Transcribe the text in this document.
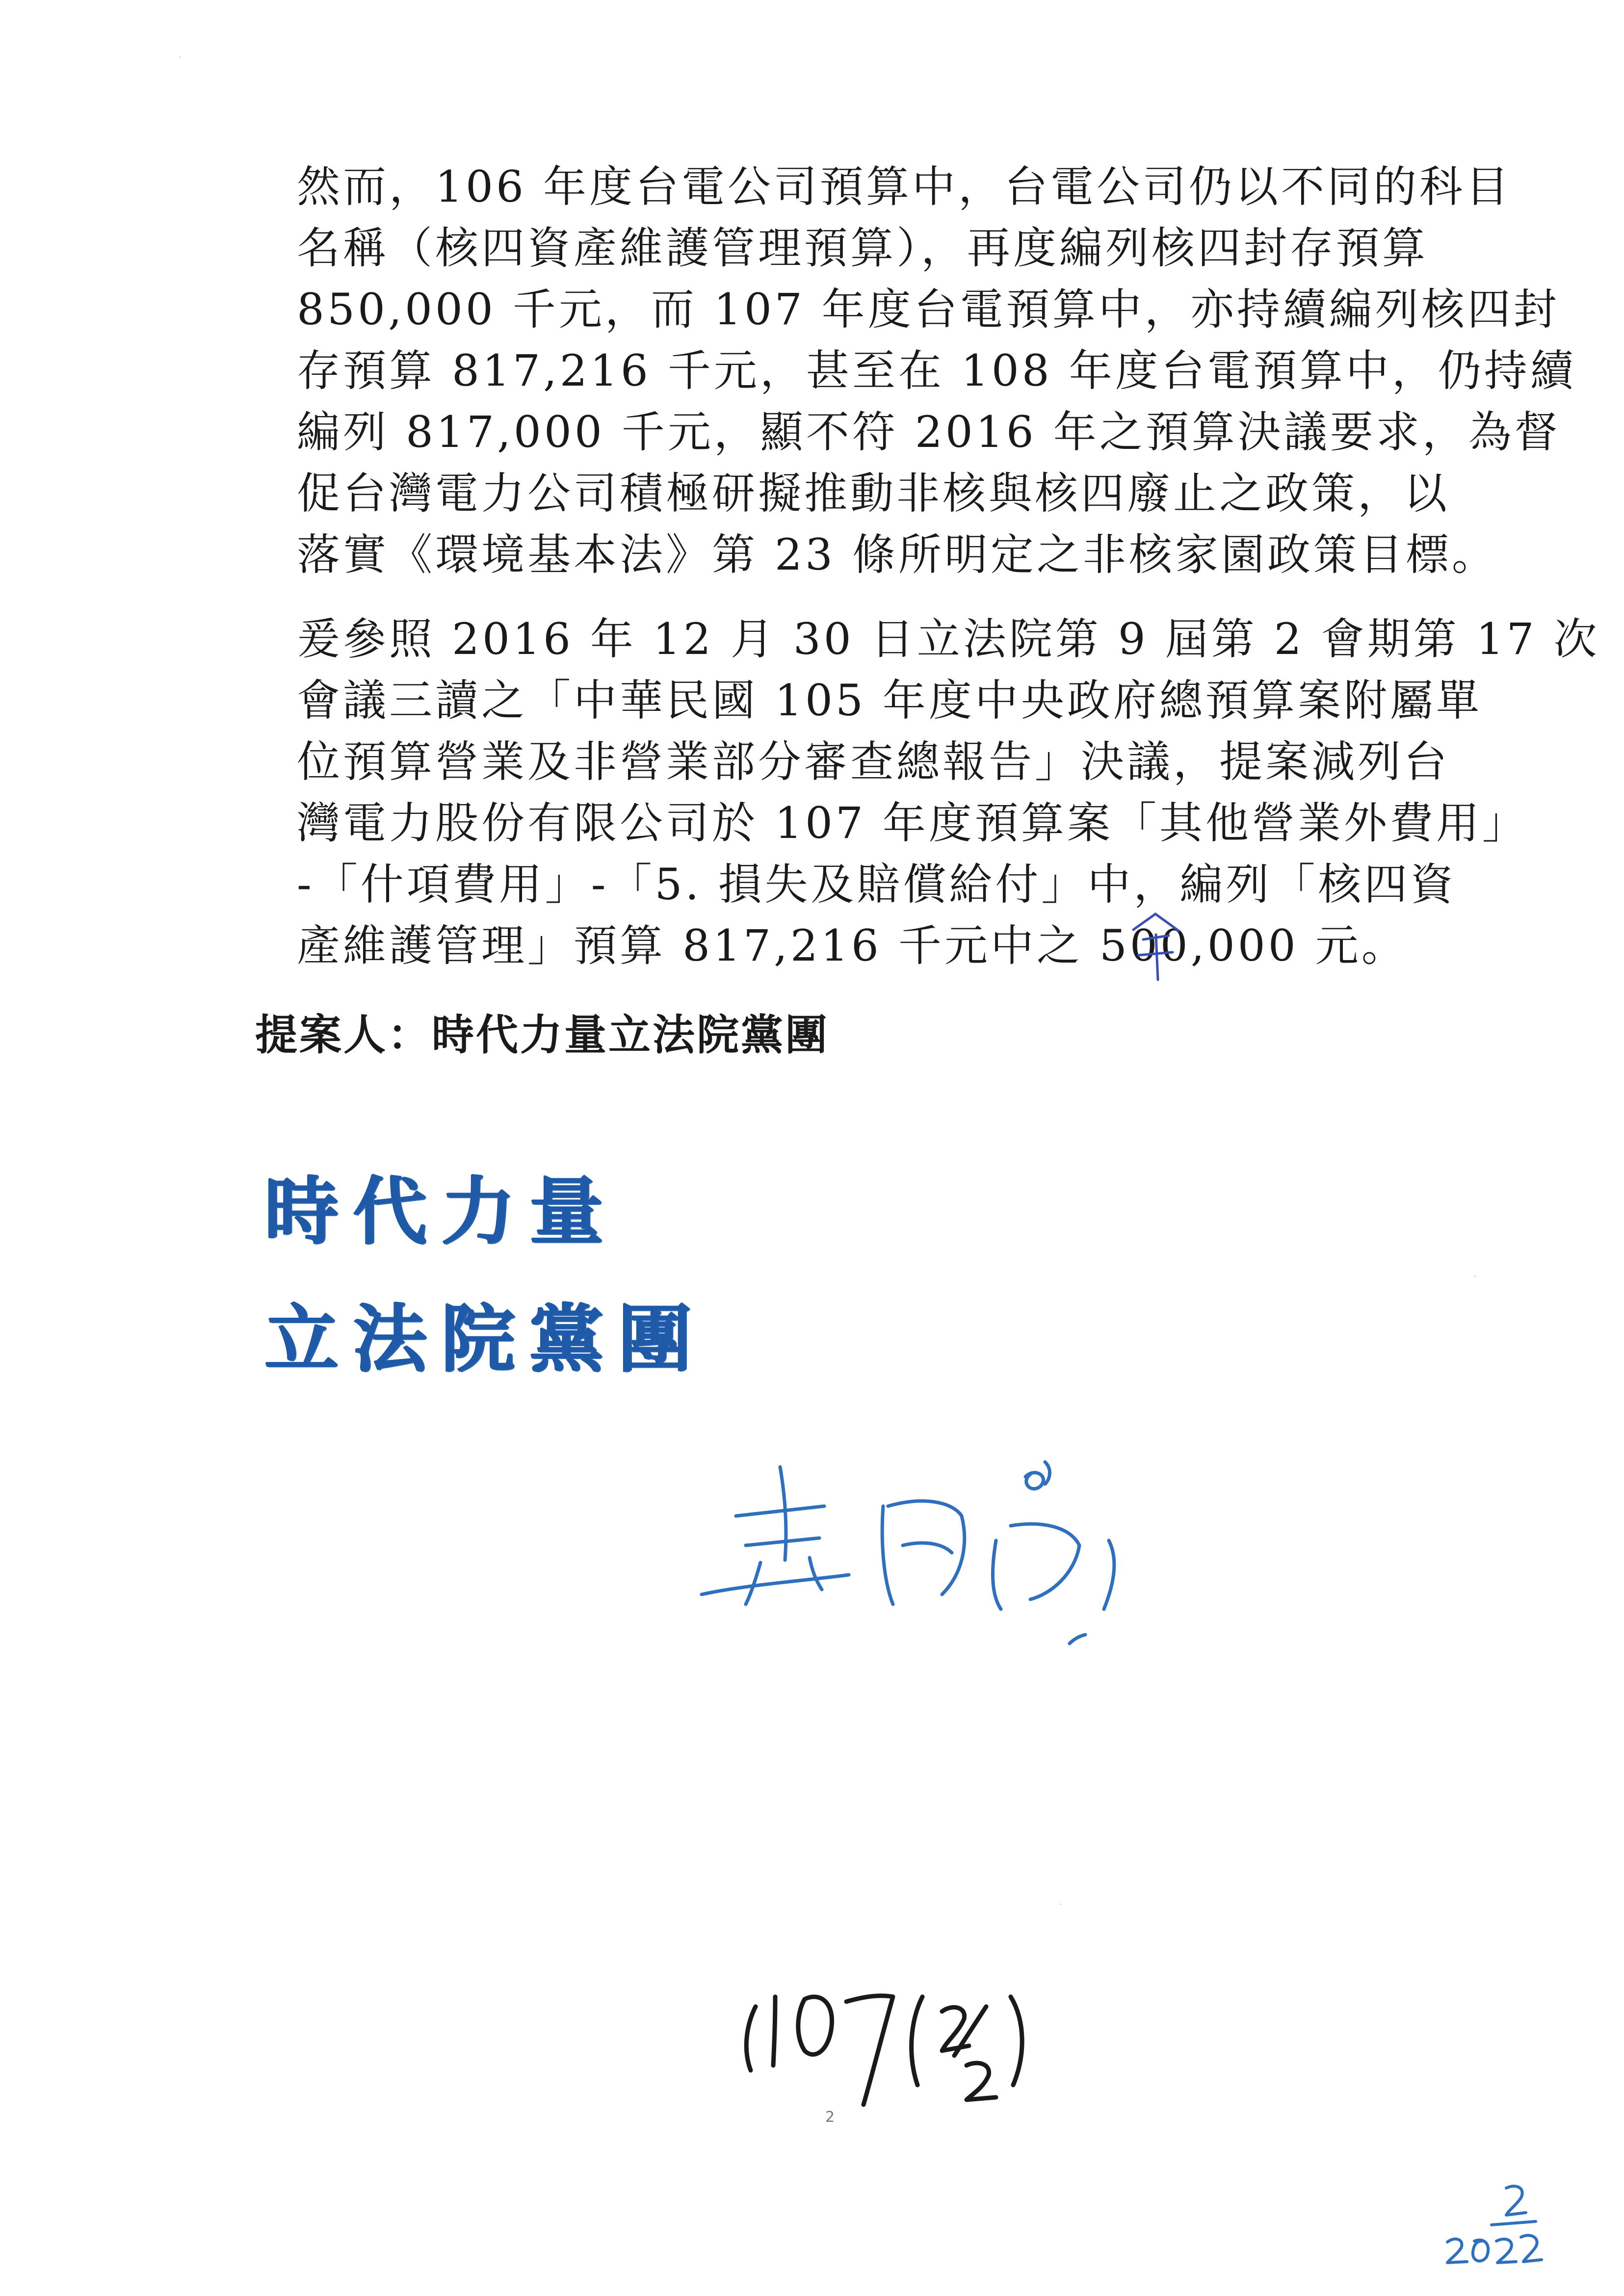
然而，106 年度台電公司預算中，台電公司仍以不同的科目
名稱（核四資產維護管理預算），再度編列核四封存預算
850,000 千元，而 107 年度台電預算中，亦持續編列核四封
存預算 817,216 千元，甚至在 108 年度台電預算中，仍持續
編列 817,000 千元，顯不符 2016 年之預算決議要求，為督
促台灣電力公司積極研擬推動非核與核四廢止之政策，以
落實《環境基本法》第 23 條所明定之非核家園政策目標。
爰參照 2016 年 12 月 30 日立法院第 9 屆第 2 會期第 17 次
會議三讀之「中華民國 105 年度中央政府總預算案附屬單
位預算營業及非營業部分審查總報告」決議，提案減列台
灣電力股份有限公司於 107 年度預算案「其他營業外費用」
-「什項費用」-「5. 損失及賠償給付」中，編列「核四資
產維護管理」預算 817,216 千元中之 500,000 元。
提案人：時代力量立法院黨團
時代力量
立法院黨團
2
